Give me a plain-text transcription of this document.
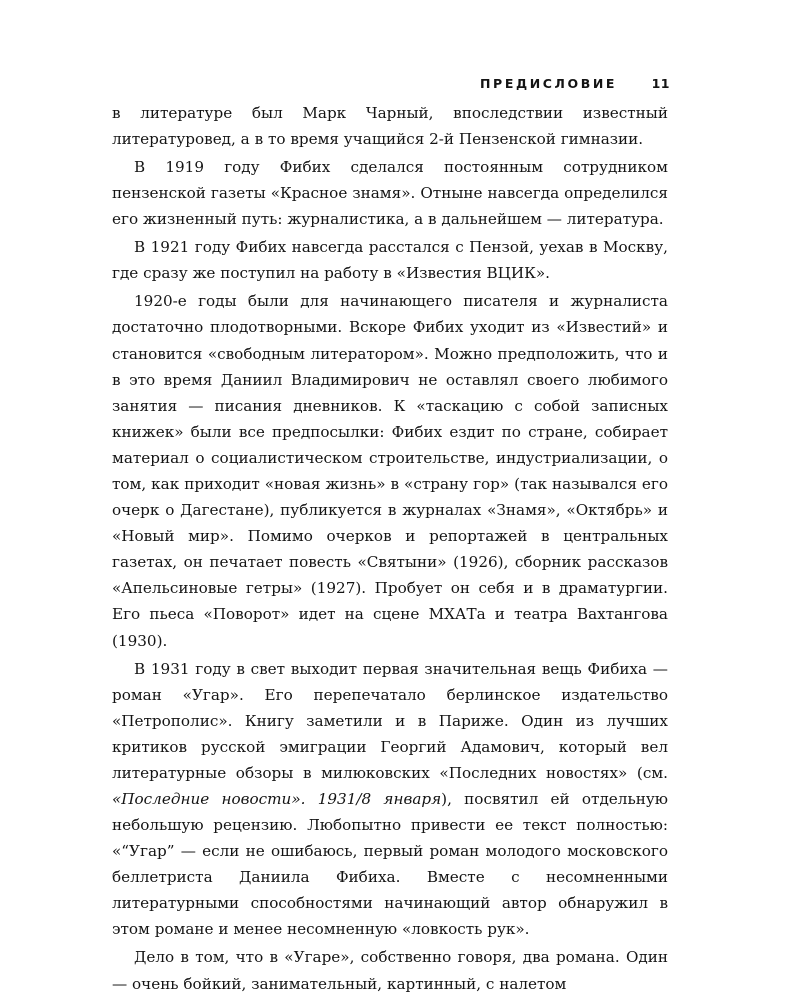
ПРЕДИСЛОВИЕ	11

в литературе был Марк Чарный, впоследствии известный литературовед, а в то время учащийся 2-й Пензенской гимназии.

В 1919 году Фибих сделался постоянным сотрудником пензенской газеты «Красное знамя». Отныне навсегда определился его жизненный путь: журналистика, а в дальнейшем — литература.

В 1921 году Фибих навсегда расстался с Пензой, уехав в Москву, где сразу же поступил на работу в «Известия ВЦИК».

1920-е годы были для начинающего писателя и журналиста достаточно плодотворными. Вскоре Фибих уходит из «Известий» и становится «свободным литератором». Можно предположить, что и в это время Даниил Владимирович не оставлял своего любимого занятия — писания дневников. К «таскацию с собой записных книжек» были все предпосылки: Фибих ездит по стране, собирает материал о социалистическом строительстве, индустриализации, о том, как приходит «новая жизнь» в «страну гор» (так назывался его очерк о Дагестане), публикуется в журналах «Знамя», «Октябрь» и «Новый мир». Помимо очерков и репортажей в центральных газетах, он печатает повесть «Святыни» (1926), сборник рассказов «Апельсиновые гетры» (1927). Пробует он себя и в драматургии. Его пьеса «Поворот» идет на сцене МХАТа и театра Вахтангова (1930).

В 1931 году в свет выходит первая значительная вещь Фибиха — роман «Угар». Его перепечатало берлинское издательство «Петрополис». Книгу заметили и в Париже. Один из лучших критиков русской эмиграции Георгий Адамович, который вел литературные обзоры в милюковских «Последних новостях» (см. «Последние новости». 1931/8 января), посвятил ей отдельную небольшую рецензию. Любопытно привести ее текст полностью: «“Угар” — если не ошибаюсь, первый роман молодого московского беллетриста Даниила Фибиха. Вместе с несомненными литературными способностями начинающий автор обнаружил в этом романе и менее несомненную «ловкость рук».

Дело в том, что в «Угаре», собственно говоря, два романа. Один — очень бойкий, занимательный, картинный, с налетом
